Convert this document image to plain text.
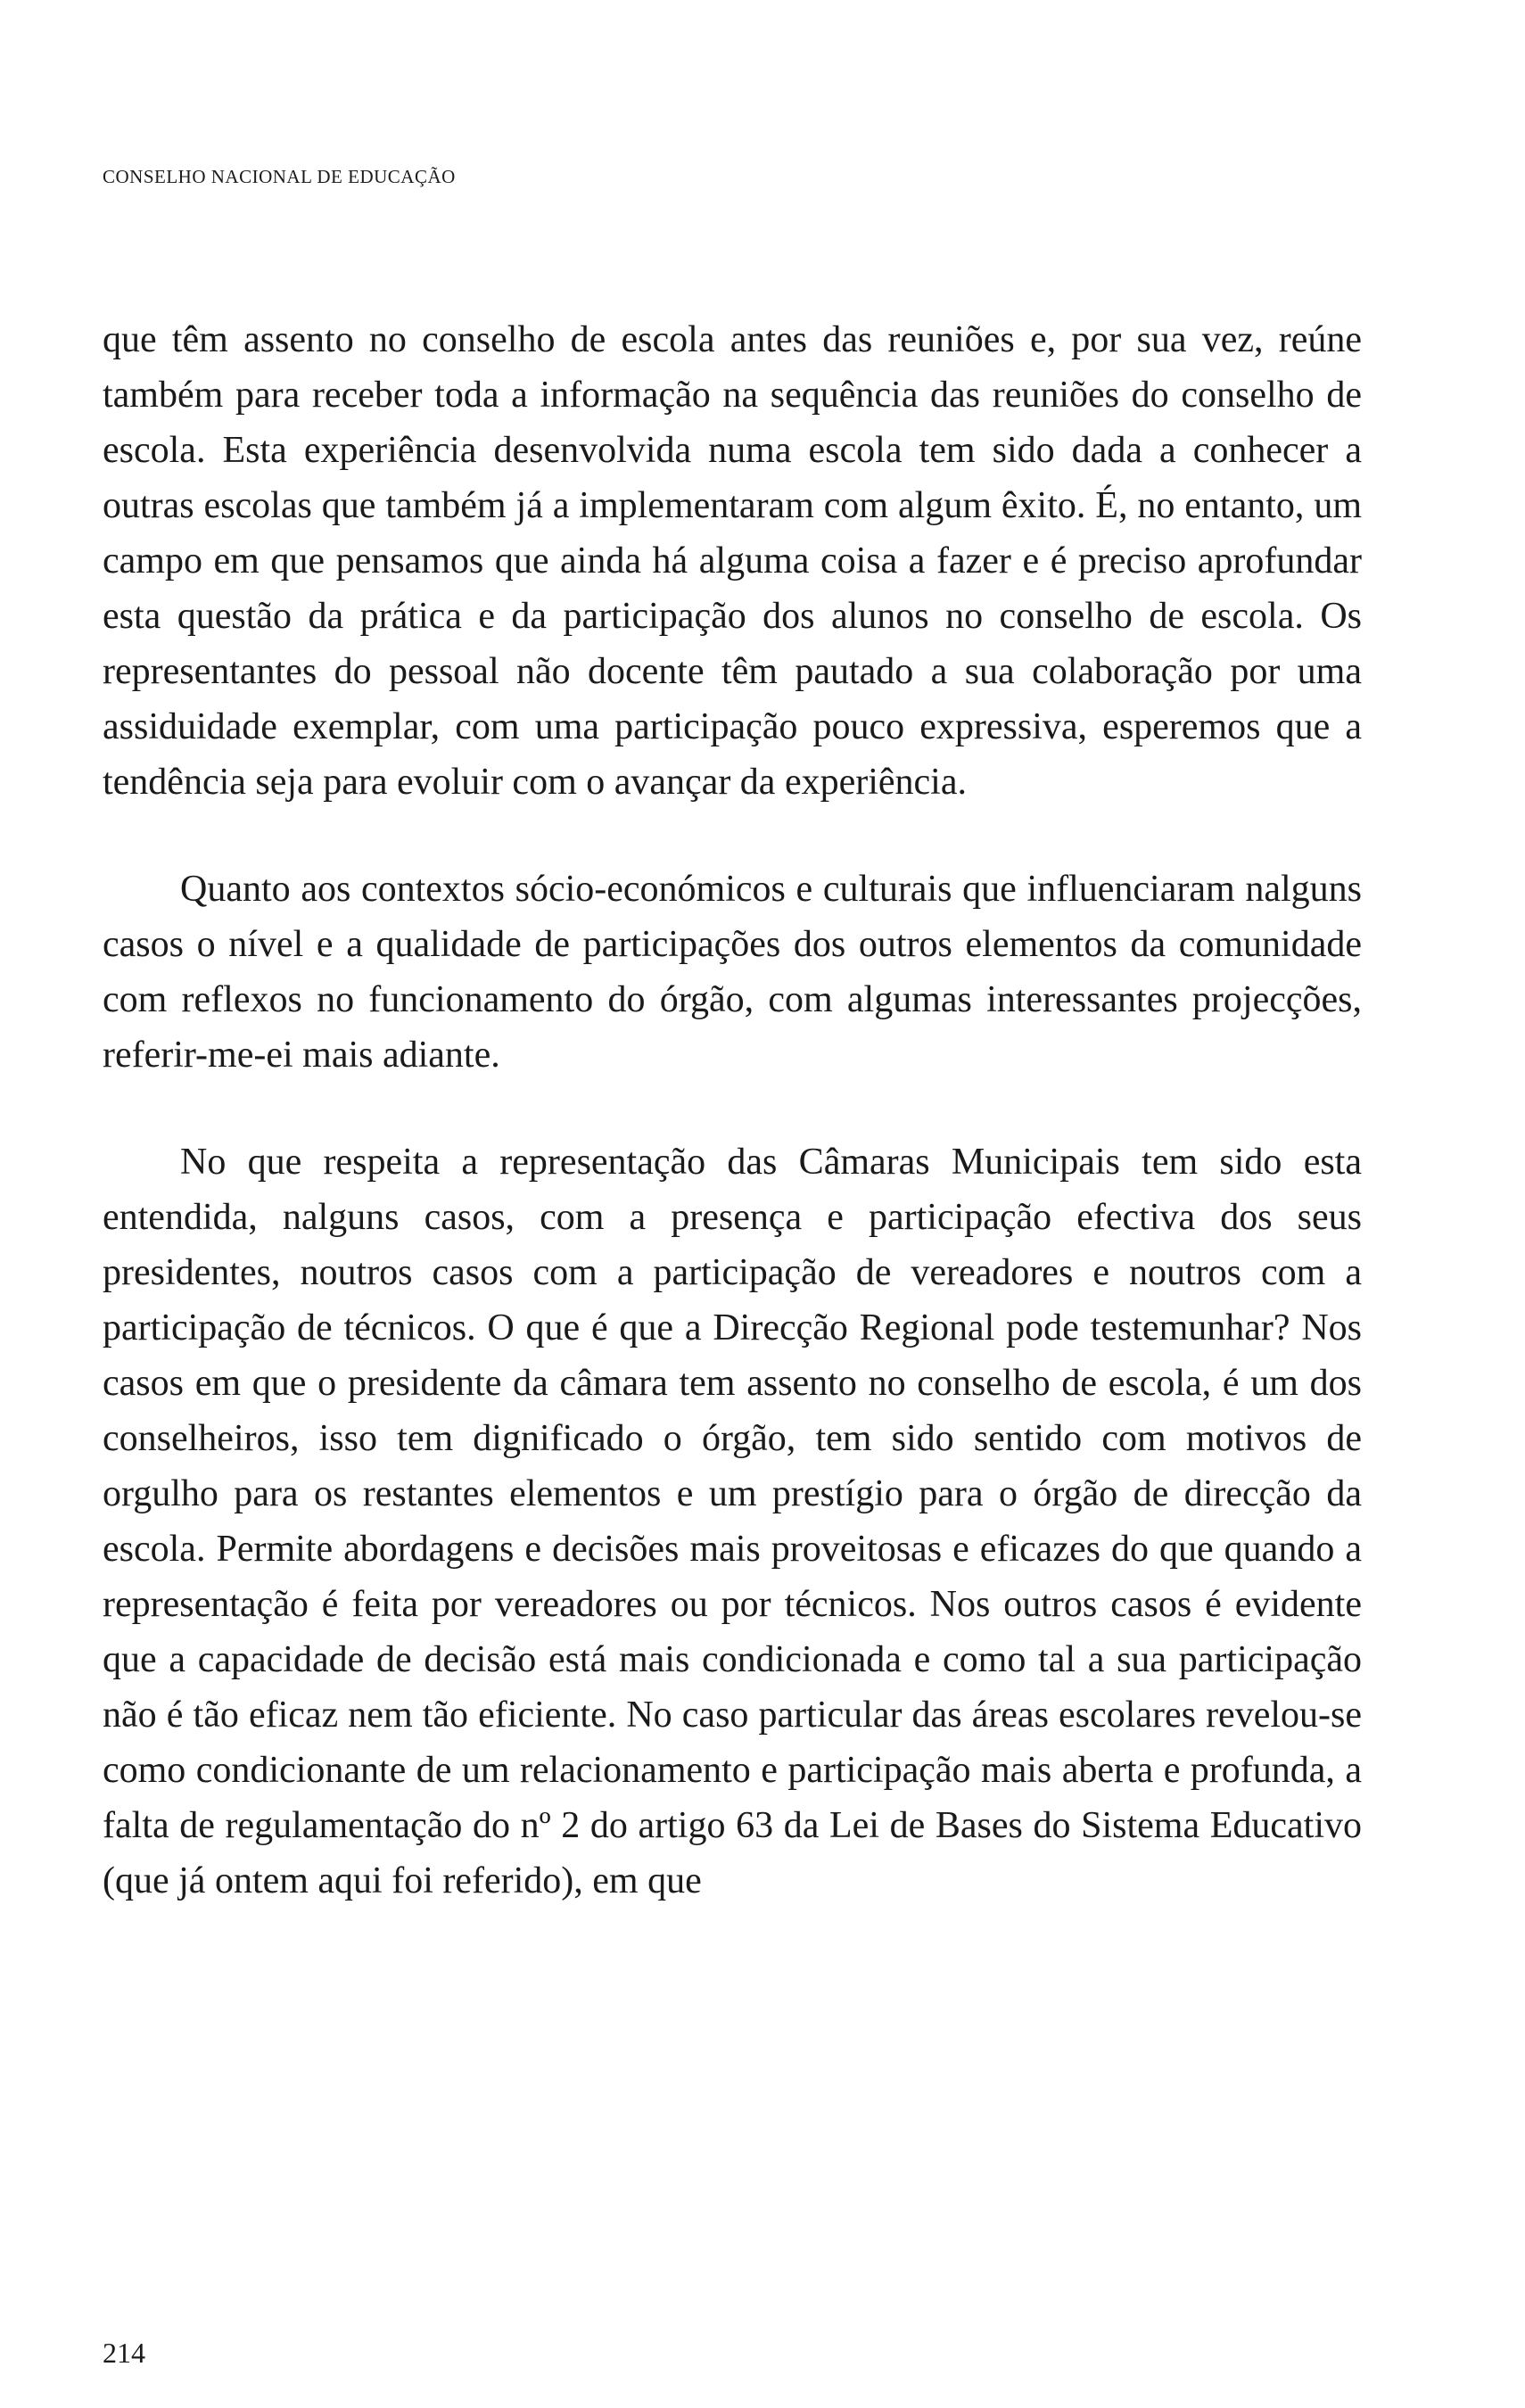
CONSELHO NACIONAL DE EDUCAÇÃO

que têm assento no conselho de escola antes das reuniões e, por sua vez, reúne também para receber toda a informação na sequência das reuniões do conselho de escola. Esta experiência desenvolvida numa escola tem sido dada a conhecer a outras escolas que também já a implementaram com algum êxito. É, no entanto, um campo em que pensamos que ainda há alguma coisa a fazer e é preciso aprofundar esta questão da prática e da participação dos alunos no conselho de escola. Os representantes do pessoal não docente têm pautado a sua colaboração por uma assiduidade exemplar, com uma participação pouco expressiva, esperemos que a tendência seja para evoluir com o avançar da experiência.

Quanto aos contextos sócio-económicos e culturais que influenciaram nalguns casos o nível e a qualidade de participações dos outros elementos da comunidade com reflexos no funcionamento do órgão, com algumas interessantes projecções, referir-me-ei mais adiante.

No que respeita a representação das Câmaras Municipais tem sido esta entendida, nalguns casos, com a presença e participação efectiva dos seus presidentes, noutros casos com a participação de vereadores e noutros com a participação de técnicos. O que é que a Direcção Regional pode testemunhar? Nos casos em que o presidente da câmara tem assento no conselho de escola, é um dos conselheiros, isso tem dignificado o órgão, tem sido sentido com motivos de orgulho para os restantes elementos e um prestígio para o órgão de direcção da escola. Permite abordagens e decisões mais proveitosas e eficazes do que quando a representação é feita por vereadores ou por técnicos. Nos outros casos é evidente que a capacidade de decisão está mais condicionada e como tal a sua participação não é tão eficaz nem tão eficiente. No caso particular das áreas escolares revelou-se como condicionante de um relacionamento e participação mais aberta e profunda, a falta de regulamentação do nº 2 do artigo 63 da Lei de Bases do Sistema Educativo (que já ontem aqui foi referido), em que

214
